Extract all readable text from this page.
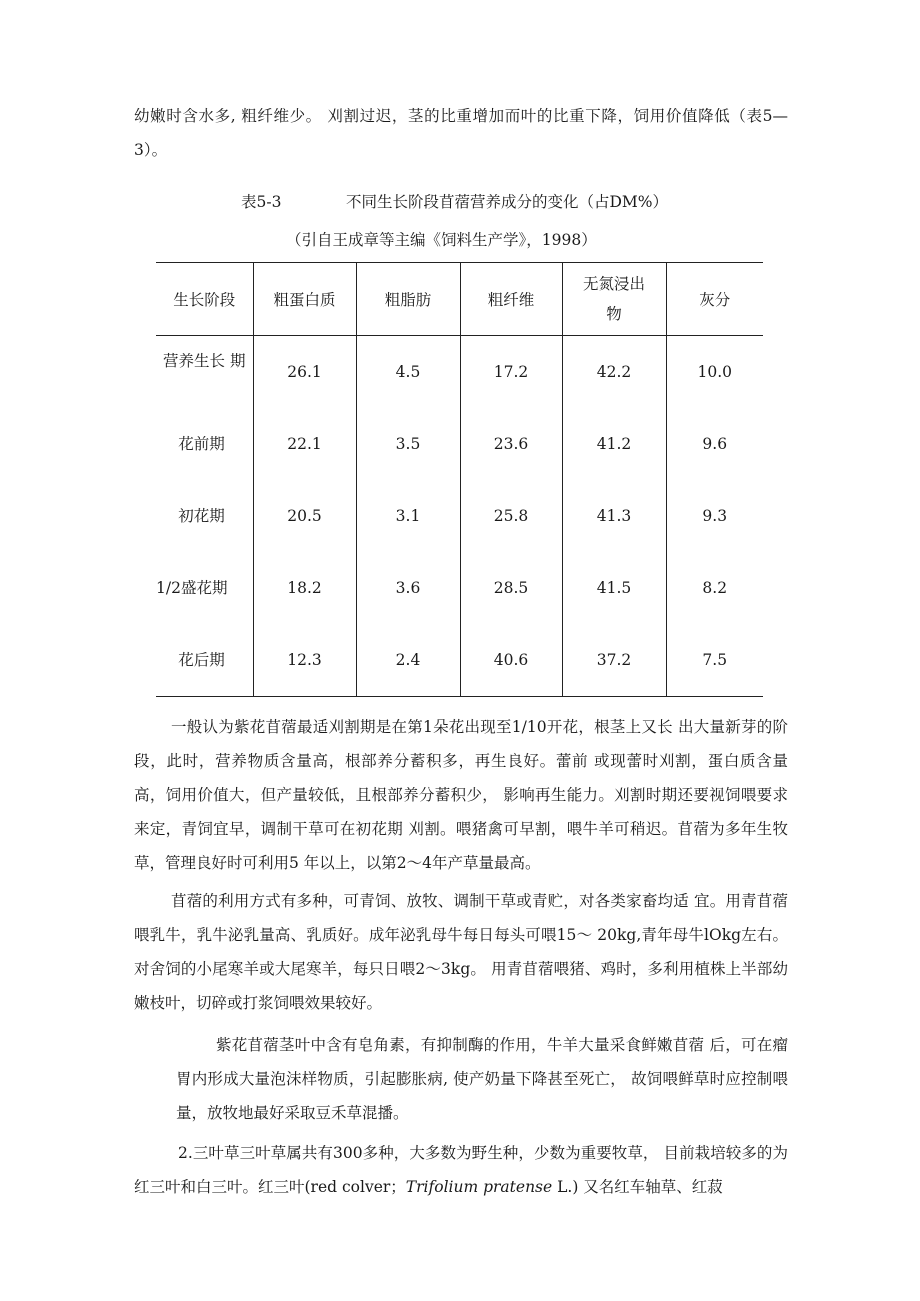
幼嫩时含水多, 粗纤维少。 刈割过迟，茎的比重增加而叶的比重下降，饲用价值降低（表5—3）。

表5-3	不同生长阶段苜蓿营养成分的变化（占DM%）
（引自王成章等主编《饲料生产学》，1998）
生长阶段	粗蛋白质	粗脂肪	粗纤维	无氮浸出物	灰分
营养生长 期	26.1	4.5	17.2	42.2	10.0
花前期	22.1	3.5	23.6	41.2	9.6
初花期	20.5	3.1	25.8	41.3	9.3
1/2盛花期	18.2	3.6	28.5	41.5	8.2
花后期	12.3	2.4	40.6	37.2	7.5

一般认为紫花苜蓿最适刈割期是在第1朵花出现至1/10开花，根茎上又长 出大量新芽的阶段，此时，营养物质含量高，根部养分蓄积多，再生良好。蕾前 或现蕾时刈割，蛋白质含量高，饲用价值大，但产量较低，且根部养分蓄积少， 影响再生能力。刈割时期还要视饲喂要求来定，青饲宜早，调制干草可在初花期 刈割。喂猪禽可早割，喂牛羊可稍迟。苜蓿为多年生牧草，管理良好时可利用5 年以上，以第2～4年产草量最高。

苜蓿的利用方式有多种，可青饲、放牧、调制干草或青贮，对各类家畜均适 宜。用青苜蓿喂乳牛，乳牛泌乳量高、乳质好。成年泌乳母牛每日每头可喂15～ 20kg,青年母牛lOkg左右。对舍饲的小尾寒羊或大尾寒羊，每只日喂2～3kg。 用青苜蓿喂猪、鸡时，多利用植株上半部幼嫩枝叶，切碎或打浆饲喂效果较好。

紫花苜蓿茎叶中含有皂角素，有抑制酶的作用，牛羊大量采食鲜嫩苜蓿 后，可在瘤胃内形成大量泡沫样物质，引起膨胀病, 使产奶量下降甚至死亡， 故饲喂鲜草时应控制喂量，放牧地最好采取豆禾草混播。

2.三叶草三叶草属共有300多种，大多数为野生种，少数为重要牧草， 目前栽培较多的为红三叶和白三叶。红三叶(red colver；Trifolium pratense L.) 又名红车轴草、红菽
